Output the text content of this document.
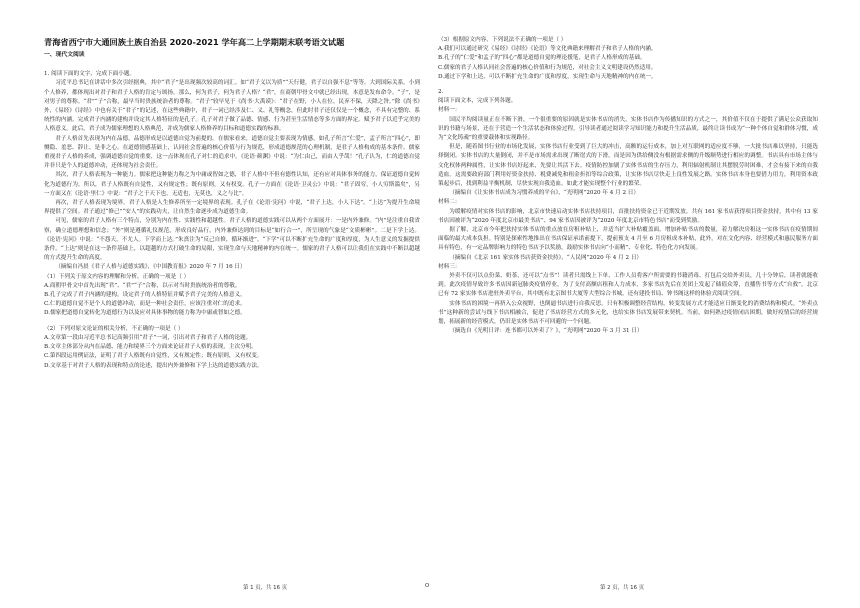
青海省西宁市大通回族土族自治县 2020-2021 学年高二上学期期末联考语文试题
一、现代文阅读

1. 阅读下面的文字，完成下面小题。

习近平总书记在讲话中多次引经据典，其中“君子”是出现频次较高的词汇。如“君子义以为质”“天行健，君子以自强不息”等等。大到国际关系，小到个人修养，都体现出对君子和君子人格的肯定与颂扬。那么，何为君子，何为君子人格？“君”，在商朝甲骨文中就已经出现，本意是发布命令。“子”，是对男子的尊称。“君”“子”合称，最早当时贵族统治者的尊称。“君子”较早见于《尚书·大禹谟》：“君子在野，小人在位。民弃不保，天降之咎。”除《尚书》外，《易经》《诗经》中也有关于“君子”的记述，在这些典籍中，君子一词已经涉及仁、义、礼等概念，但此时君子还仅仅是一个概念，不具有完整的、系统性的内涵。完成君子内涵的建构并设定其人格特征的是孔子。孔子对君子做了品德、情感、行为甚至生活情态等多方面的界定。赋予君子以近乎完美的人格意义。此后，君子成为儒家理想的人格典范，并成为儒家人格修养的目标和道德实践的标准。

君子人格首先表现为内在品德，品德形成是以道德自觉为前提的。在儒家看来，道德自觉主要表现为情感，如孔子所言“仁爱”，孟子所言“四心”，即恻隐、羞恶、辞让、是非之心。在道德情感基础上，认同社会普遍的核心价值与行为规范，形成道德规范的心理机制，是君子人格构成的基本条件。儒家重视君子人格的养成，强调道德自觉的重要，这一点体现在孔子对仁的追求中。《论语·颜渊》中说：“为仁由己，而由人乎哉！”孔子认为，仁的道德自觉并非只是个人的道德冲动，还体现为社会责任。

其次，君子人格表现为一种能力。儒家把这种能力称之为中庸或智如之德，君子人格中不但有德性认知，还有应对具体事务的能力，保证道德自觉转化为道德行为。所以，君子人格既有自觉性，又有规定性；既有原则，又有权变。孔子一方面在《论语·卫灵公》中说：“君子固穷，小人穷斯滥矣”，另一方面又在《论语·里仁》中说：“君子之于天下也，无适也，无莫也，义之与比”。

再次，君子人格表现为境界。君子人格是人生修养所至一定境界的表现。孔子在《论语·宪问》中说，“君子上达，小人下达”。“上达”为提升生命境界提供了空间。君子通过“修己”“安人”的实践功夫，让自然生命逐步成为道德生命。

可见，儒家的君子人格有三个特点，分别为内在性、实践性和超越性。君子人格的道德实践可以从两个方面展开：一是内外兼修。“内”是注重自我省察，确立道德理想和信念；“外”则是遵循礼仪规范，形成良好品行。内外兼修达到的目标是“如行合一”，所呈现的气象是“文质彬彬”。二是下学上达。《论语·宪问》中说：“不怨天，不尤人。下学而上达。”朱熹注为“反己自修，循环渐进”。“下学”可以不断扩充生命的广度和厚度，为人生意义的发掘提供条件。“上达”则是在这一条件基础上，以超越的方式打破生命的局限，实现生命与天地精神的内在统一。儒家的君子人格可以让我们在实践中不断以超越的方式提升生命的高度。

（摘编自冯晨《君子人格与道德实践》，《中国教育报》2020 年 7 月 16 日）

（1）下列关于原文内容的理解和分析，正确的一项是（ ）

A.商朝甲骨文中首先出现“君”、“君”“子”合称，以示对当时贵族统治者的尊敬。

B.孔子完成了君子内涵的建构，设定君子的人格特征并赋予君子完美的人格意义。

C.仁的道德自觉不是个人的道德冲动，而是一种社会责任，应该注重对仁的追求。

D.儒家把道德自觉转化为道德行为以及应对具体事物的能力称为中庸或智如之德。

（2）下列对原文论证的相关分析，不正确的一项是（ ）

A.文章第一段由习近平总书记高频引用“君子”一词，引出对君子和君子人格的论题。

B.文章主体部分从内在品德、能力和境界三个方面来论证君子人格的表现，主次分明。

C.第四段运用例证法，证明了君子人格既有自觉性，又有规定性；既有原则，又有权变。

D.文章基于对君子人格的表现和特点的论述，提出内外兼修和下学上达的道德实践方法。

（3）根据原文内容，下列说法不正确的一项是（ ）

A.我们可以通过研究《易经》《诗经》《论语》等文化典籍来理解君子和君子人格的内涵。

B.孔子的“仁爱”和孟子的“四心”都是道德自觉的理论援笔，是君子人格形成的基础。

C.儒家的君子人格认同社会普遍的核心价值和行为规范，对社会主义文明建设仍然适用。

D.通过下学和上达，可以不断扩充生命的广度和厚度，实现生命与天地精神的内在统一。

2.

阅读下面文本，完成下列各题。

材料一：

国民平均阅读量正在不断下滑，一个很重要的原因就是实体书店的消失，实体书店作为传播知识的方式之一，其价值不仅在于提供了满足公众获取知识的书籍与场景，还在于营造一个生活状态和体验过程，引导读者通过阅读学习知识能力和提升生活品质，最终让读书成为“一种个体自觉和群体习惯，成为“文化铸魂”的重要载体和实现路径。

但是，随着图书行业的市场化发展，实体书店行业受到了巨大的冲击，高额的运行成本，加上对互联网的适应度不够，一大批书店难以坚持，只能选择倒闭。实体书店的大量倒闭，并不是市场需求出现了断崖式的下滑，而是因为供给侧没有根据需求侧的升级顺势进行相应的调整。书店具有市场主体与文化权体两种属性，让实体书店好起来，先要让其活下去。疫情防控加剧了实体书店的生存压力，利用辐射机制让其摆脱劳时困难，才会有接下来的自我造血。这需要政府部门利用好资金扶持、税费减免和租金折扣等综合政策，让实体书店尽快走上良性发展之路。实体书店本身也要借力用力，利用资本政策起步后，找到利益平衡机制，尽快实现自我造血。如此才能实现整个行业的繁荣。

（摘编自《让实体书店成为习惯养成的平台》，“光明网”2020 年 4 月 2 日）

材料二：

为缓解疫情对实体书店的影响，北京市快速启动实体书店扶持项目，首批扶持资金已于近期发放。共有 161 家书店获得项目资金扶持，其中有 13 家书店因被评为“2020 年度北京市最美书店”、94 家书店因被评为“2020 年度北京市特色书店”而受到奖励。

据了解，北京市今年把扶持实体书店的重点放在房租补贴上，并适当扩大补贴覆盖面，增加补贴书店的数量，着力解决房租这一实体书店在疫情期间面临的最大成本负担。特别是探索性地推出在书店保证承诺前提下，提前预支 4 月至 6 月房租成本补贴，此外，对在文化内容、经营模式和惠民服务方面具有特色，有一定品牌影响力的特色书店予以奖励，鼓励实体书店向“小而精”、专业化、特色化方向发展。

（摘编自《北京 161 家实体书店获资金扶持》，“人民网”2020 年 4 月 2 日）

材料三：

外卖不仅可以点份菜、奶茶，还可以“点书”！读者只需线上下单，工作人员将客户所需要的书籍消毒、打包后交给外卖员，几十分钟后，读者就能收到。此次疫情导致许多书店因新冠肺炎疫情停业，为了支付高额店租和人力成本，多家书店先后在美团上发起了储值众筹，直播售书等方式“自救”。北京已有 72 家实体书店进驻外卖平台，其中既有北京图书大厦等大型综合书城，还有建投书局、钟书阁这样的体验式阅读空间。

实体书店的困境一再挤入公众视野，也倒逼书店进行自我反思。只有积极调整经营结构，转变发展方式才能适应日渐变化的消费结构和模式。“外卖点书”这种新的尝试与线下书店相融合，促进了书店经营方式的多元化，也给实体书店发展带来契机。当前，如何熟过疫情闭店困期，做好疫情后的经营规划，拓展新的经营模式，仍旧是实体书店不可回避的一个问题。

（摘选自《光明日评：连书都可以外卖了？》，“光明网”2020 年 3 月 31 日）

第 1 页，共 16 页	O	第 2 页，共 16 页
